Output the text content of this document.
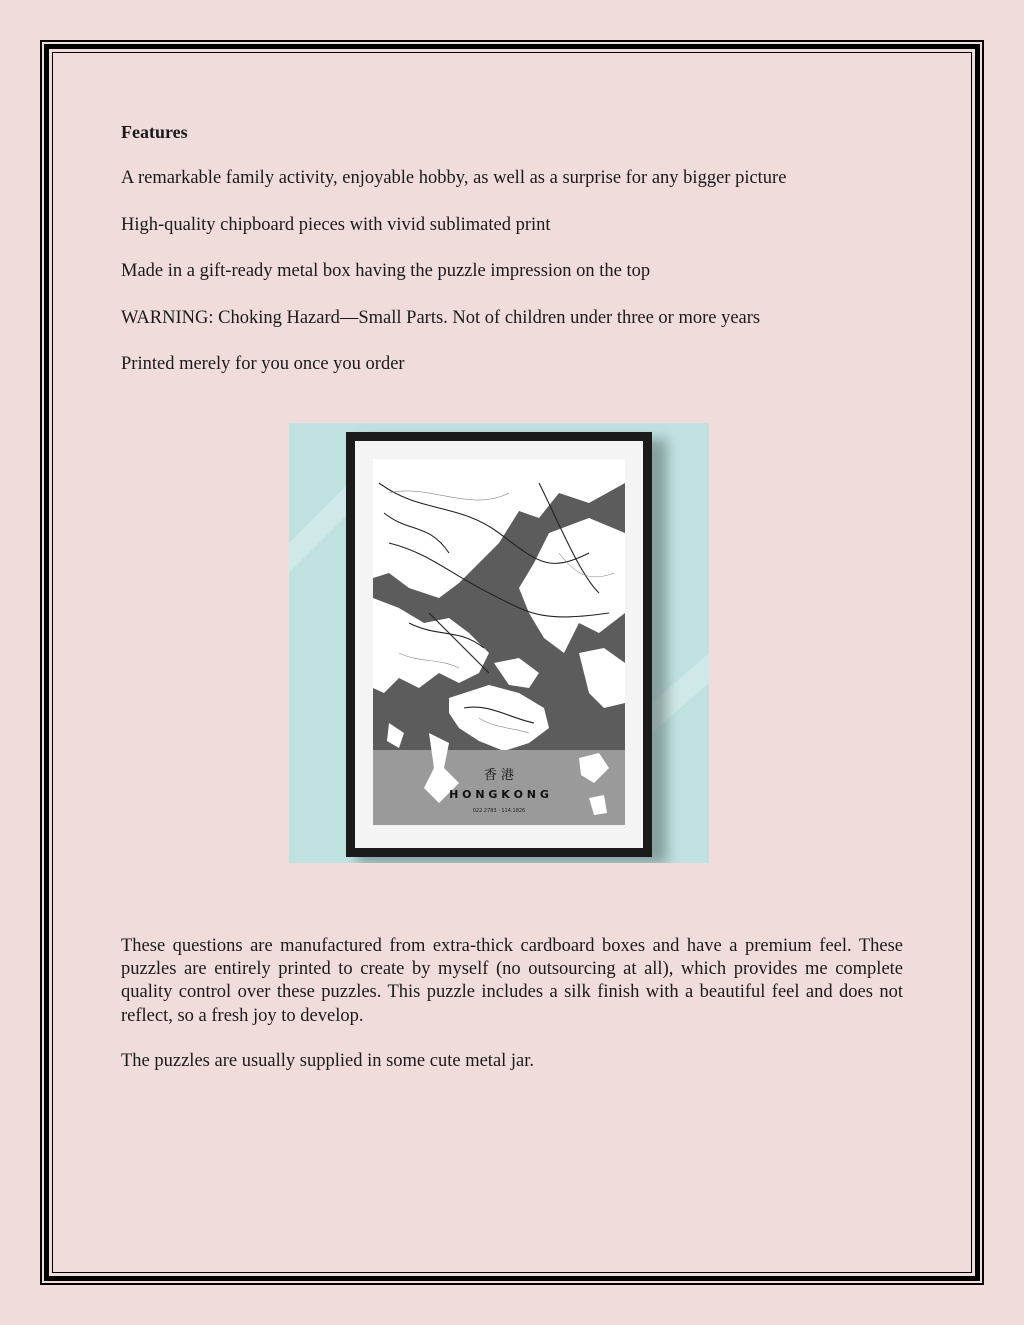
Features

A remarkable family activity, enjoyable hobby, as well as a surprise for any bigger picture

High-quality chipboard pieces with vivid sublimated print

Made in a gift-ready metal box having the puzzle impression on the top

WARNING: Choking Hazard—Small Parts. Not of children under three or more years

Printed merely for you once you order

香 港
H O N G K O N G
022.2783 · 114.1826

These questions are manufactured from extra-thick cardboard boxes and have a premium feel. These puzzles are entirely printed to create by myself (no outsourcing at all), which provides me complete quality control over these puzzles. This puzzle includes a silk finish with a beautiful feel and does not reflect, so a fresh joy to develop.

The puzzles are usually supplied in some cute metal jar.
